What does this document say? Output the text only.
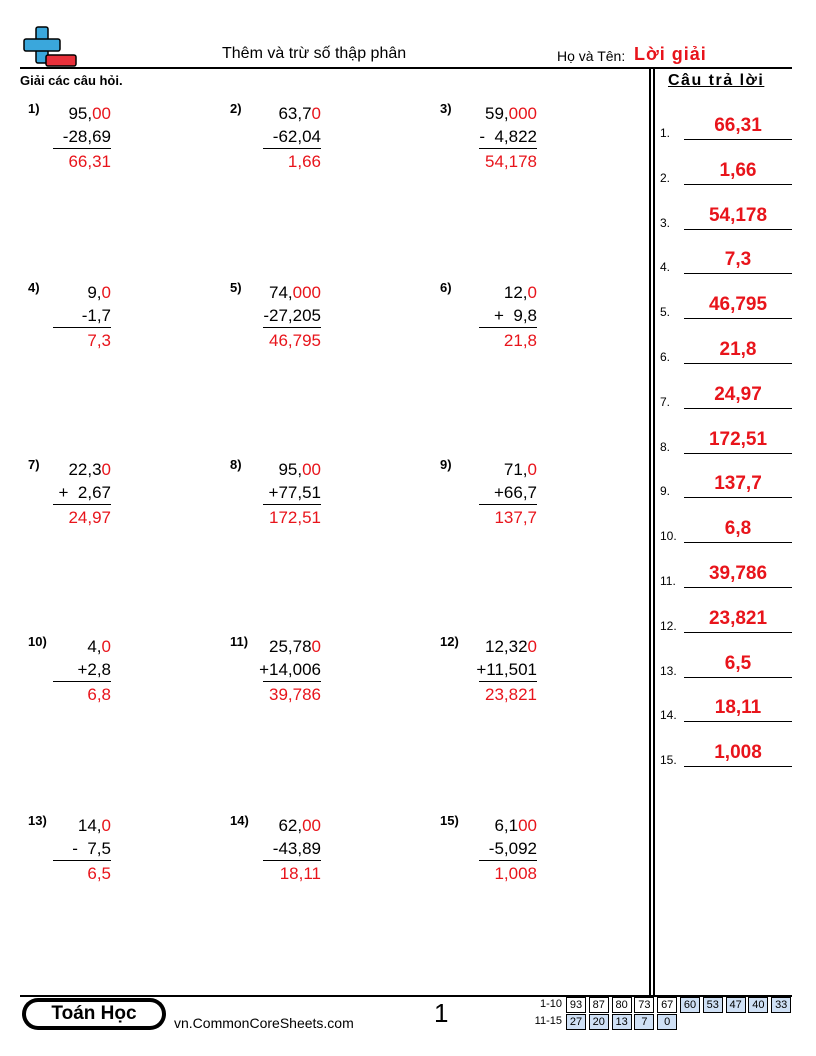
Thêm và trừ số thập phân	Họ và Tên: Lời giải
Giải các câu hỏi.	Câu trả lời
1) 95,00
-28,69
66,31
2) 63,70
-62,04
1,66
3) 59,000
-  4,822
54,178
4)	9,0
-1,7
7,3
5) 74,000
-27,205
46,795
6)	12,0
+  9,8
21,8
7) 22,30
+  2,67
24,97
8) 95,00
+77,51
172,51
9)	71,0
+66,7
137,7
10) 4,0
+2,8
6,8
11) 25,780
+14,006
39,786
12) 12,320
+11,501
23,821
13) 14,0
-  7,5
6,5
14) 62,00
-43,89
18,11
15) 6,100
-5,092
1,008
1.	66,31
2.	1,66
3.	54,178
4.	7,3
5.	46,795
6.	21,8
7.	24,97
8.	172,51
9.	137,7
10.	6,8
11.	39,786
12.	23,821
13.	6,5
14.	18,11
15.	1,008
Toán Học	vn.CommonCoreSheets.com	1	1-10 93 87 80 73 67 60 53 47 40 33
11-15 27 20 13	7	0
